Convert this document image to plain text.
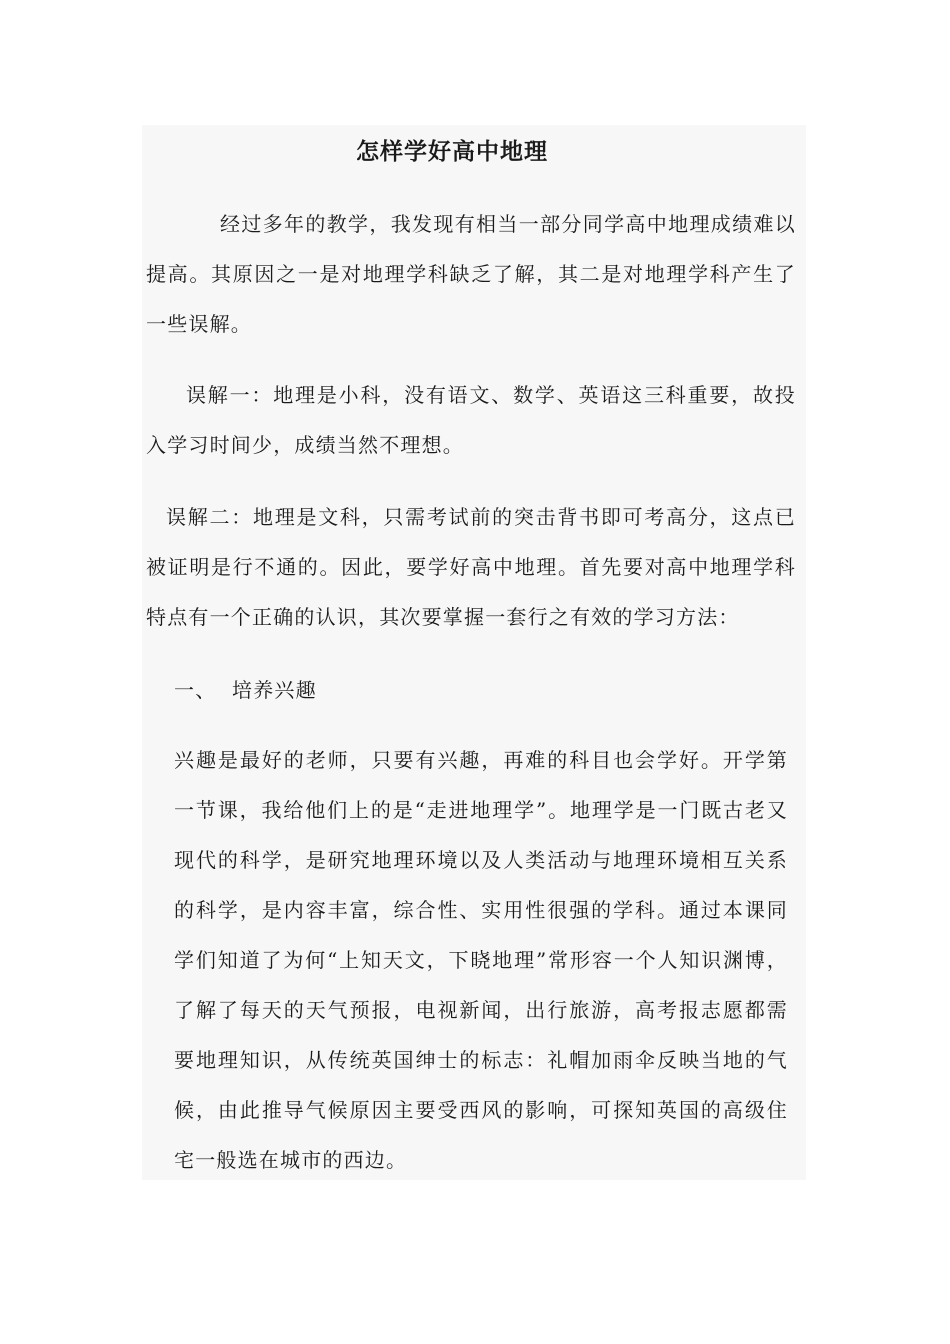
怎样学好高中地理

经过多年的教学，我发现有相当一部分同学高中地理成绩难以提高。其原因之一是对地理学科缺乏了解，其二是对地理学科产生了一些误解。

误解一：地理是小科，没有语文、数学、英语这三科重要，故投入学习时间少，成绩当然不理想。

误解二：地理是文科，只需考试前的突击背书即可考高分，这点已被证明是行不通的。因此，要学好高中地理。首先要对高中地理学科特点有一个正确的认识，其次要掌握一套行之有效的学习方法：

一、 培养兴趣

兴趣是最好的老师，只要有兴趣，再难的科目也会学好。开学第一节课，我给他们上的是“走进地理学”。地理学是一门既古老又现代的科学，是研究地理环境以及人类活动与地理环境相互关系的科学，是内容丰富，综合性、实用性很强的学科。通过本课同学们知道了为何“上知天文，下晓地理”常形容一个人知识渊博，了解了每天的天气预报，电视新闻，出行旅游，高考报志愿都需要地理知识，从传统英国绅士的标志：礼帽加雨伞反映当地的气候，由此推导气候原因主要受西风的影响，可探知英国的高级住宅一般选在城市的西边。
